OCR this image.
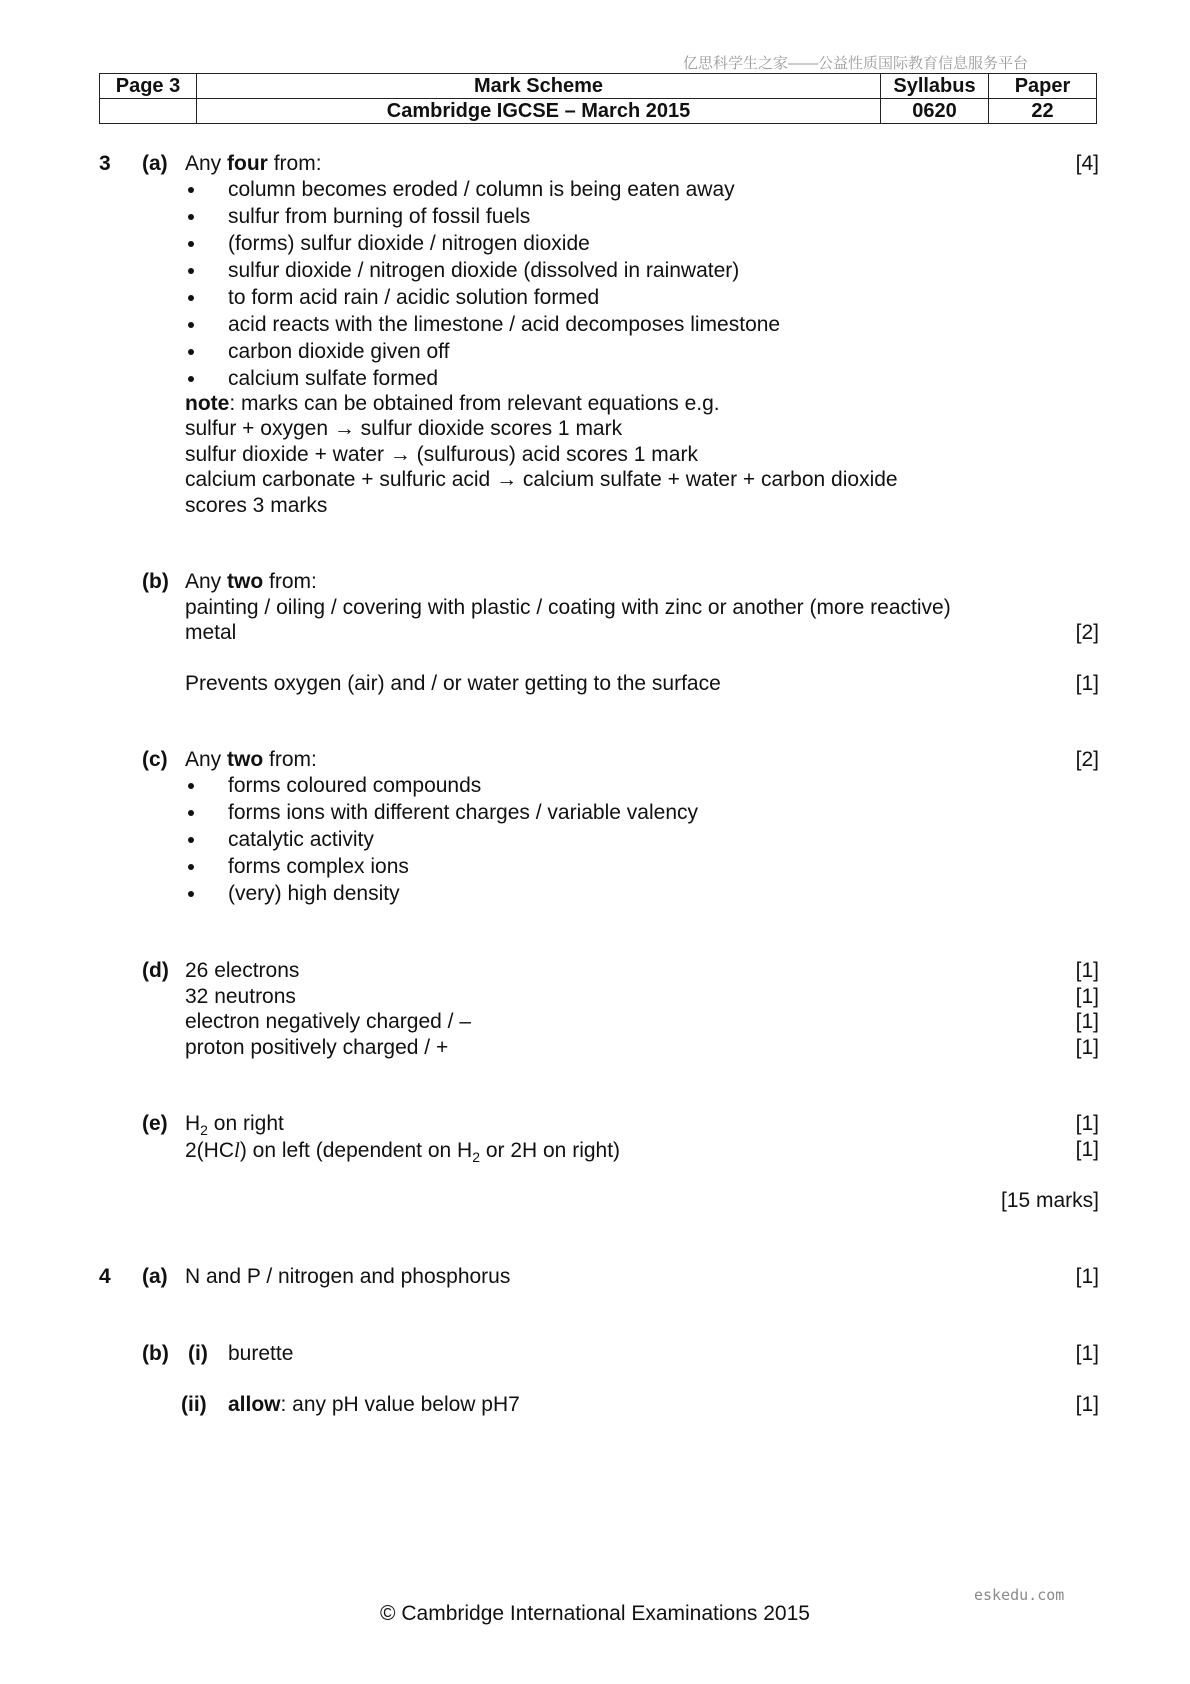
亿思科学生之家——公益性质国际教育信息服务平台
Page 3	Mark Scheme	Syllabus	Paper
	Cambridge IGCSE – March 2015	0620	22
3 (a) Any four from:	[4]
column becomes eroded / column is being eaten away
sulfur from burning of fossil fuels
(forms) sulfur dioxide / nitrogen dioxide
sulfur dioxide / nitrogen dioxide (dissolved in rainwater)
to form acid rain / acidic solution formed
acid reacts with the limestone / acid decomposes limestone
carbon dioxide given off
calcium sulfate formed
note: marks can be obtained from relevant equations e.g.
sulfur + oxygen → sulfur dioxide scores 1 mark
sulfur dioxide + water → (sulfurous) acid scores 1 mark
calcium carbonate + sulfuric acid → calcium sulfate + water + carbon dioxide
scores 3 marks
(b) Any two from:
painting / oiling / covering with plastic / coating with zinc or another (more reactive)
metal	[2]
Prevents oxygen (air) and / or water getting to the surface	[1]
(c) Any two from:	[2]
forms coloured compounds
forms ions with different charges / variable valency
catalytic activity
forms complex ions
(very) high density
(d) 26 electrons	[1]
32 neutrons	[1]
electron negatively charged / –	[1]
proton positively charged / +	[1]
(e) $H_2$ on right	[1]
2(HCl) on left (dependent on $H_2$ or 2H on right)	[1]
[15 marks]
4 (a) N and P / nitrogen and phosphorus	[1]
(b) (i) burette	[1]
(ii) allow: any pH value below pH7	[1]
eskedu.com
© Cambridge International Examinations 2015
